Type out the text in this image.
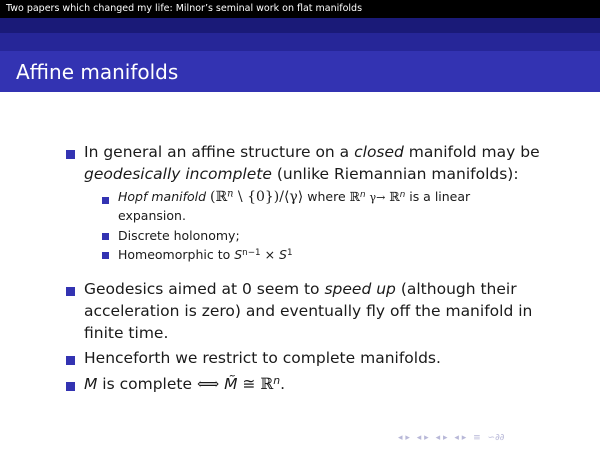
Two papers which changed my life: Milnor’s seminal work on flat manifolds
Affine manifolds
In general an affine structure on a closed manifold may be
geodesically incomplete (unlike Riemannian manifolds):
Hopf manifold (ℝ$^n$ \ {0})/⟨γ⟩ where ℝ$^n$ γ→ ℝ$^n$ is a linear
expansion.
Discrete holonomy;
Homeomorphic to $S^{n-1} \times S^1$
Geodesics aimed at 0 seem to speed up (although their
acceleration is zero) and eventually fly off the manifold in
finite time.
Henceforth we restrict to complete manifolds.
M is complete ⟺ M̃ ≅ ℝ$^n$.
◂ ▸ ◂ ▸ ◂ ▸ ◂ ▸ ≡ ∽∂∂
